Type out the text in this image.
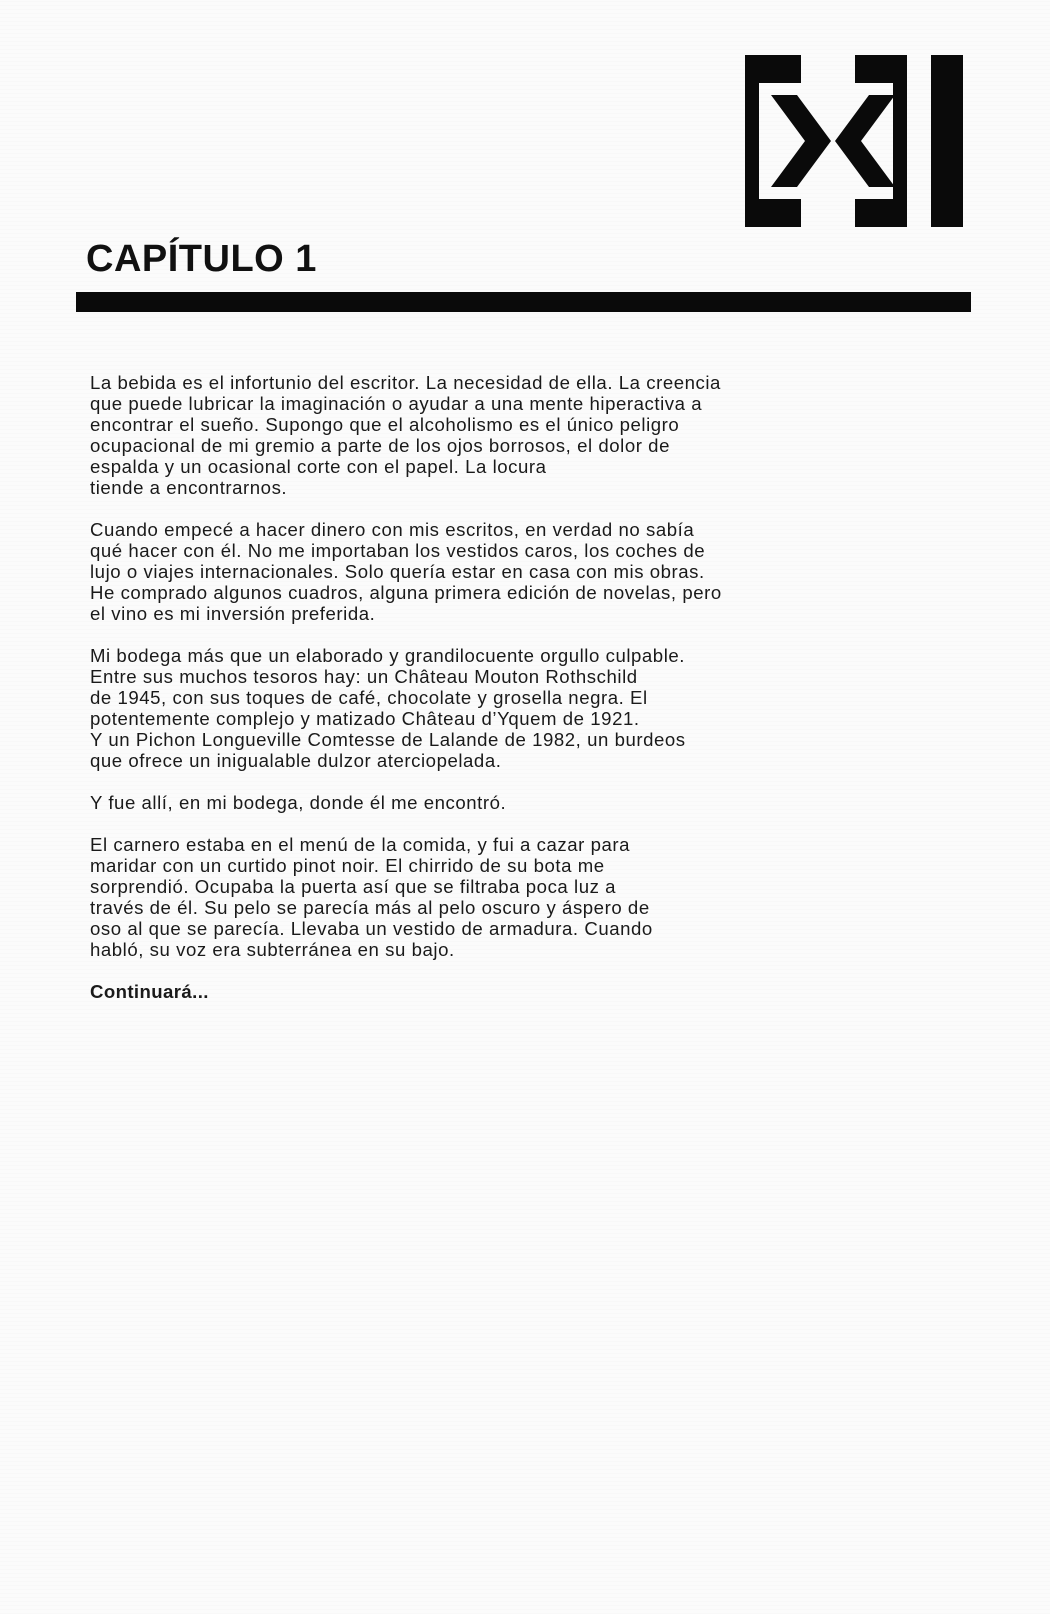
CAPÍTULO 1

La bebida es el infortunio del escritor. La necesidad de ella. La creencia
que puede lubricar la imaginación o ayudar a una mente hiperactiva a
encontrar el sueño. Supongo que el alcoholismo es el único peligro
ocupacional de mi gremio a parte de los ojos borrosos, el dolor de
espalda y un ocasional corte con el papel. La locura
tiende a encontrarnos.

Cuando empecé a hacer dinero con mis escritos, en verdad no sabía
qué hacer con él. No me importaban los vestidos caros, los coches de
lujo o viajes internacionales. Solo quería estar en casa con mis obras.
He comprado algunos cuadros, alguna primera edición de novelas, pero
el vino es mi inversión preferida.

Mi bodega más que un elaborado y grandilocuente orgullo culpable.
Entre sus muchos tesoros hay: un Château Mouton Rothschild
de 1945, con sus toques de café, chocolate y grosella negra. El
potentemente complejo y matizado Château d’Yquem de 1921.
Y un Pichon Longueville Comtesse de Lalande de 1982, un burdeos
que ofrece un inigualable dulzor aterciopelada.

Y fue allí, en mi bodega, donde él me encontró.

El carnero estaba en el menú de la comida, y fui a cazar para
maridar con un curtido pinot noir. El chirrido de su bota me
sorprendió. Ocupaba la puerta así que se filtraba poca luz a
través de él. Su pelo se parecía más al pelo oscuro y áspero de
oso al que se parecía. Llevaba un vestido de armadura. Cuando
habló, su voz era subterránea en su bajo.

Continuará...
